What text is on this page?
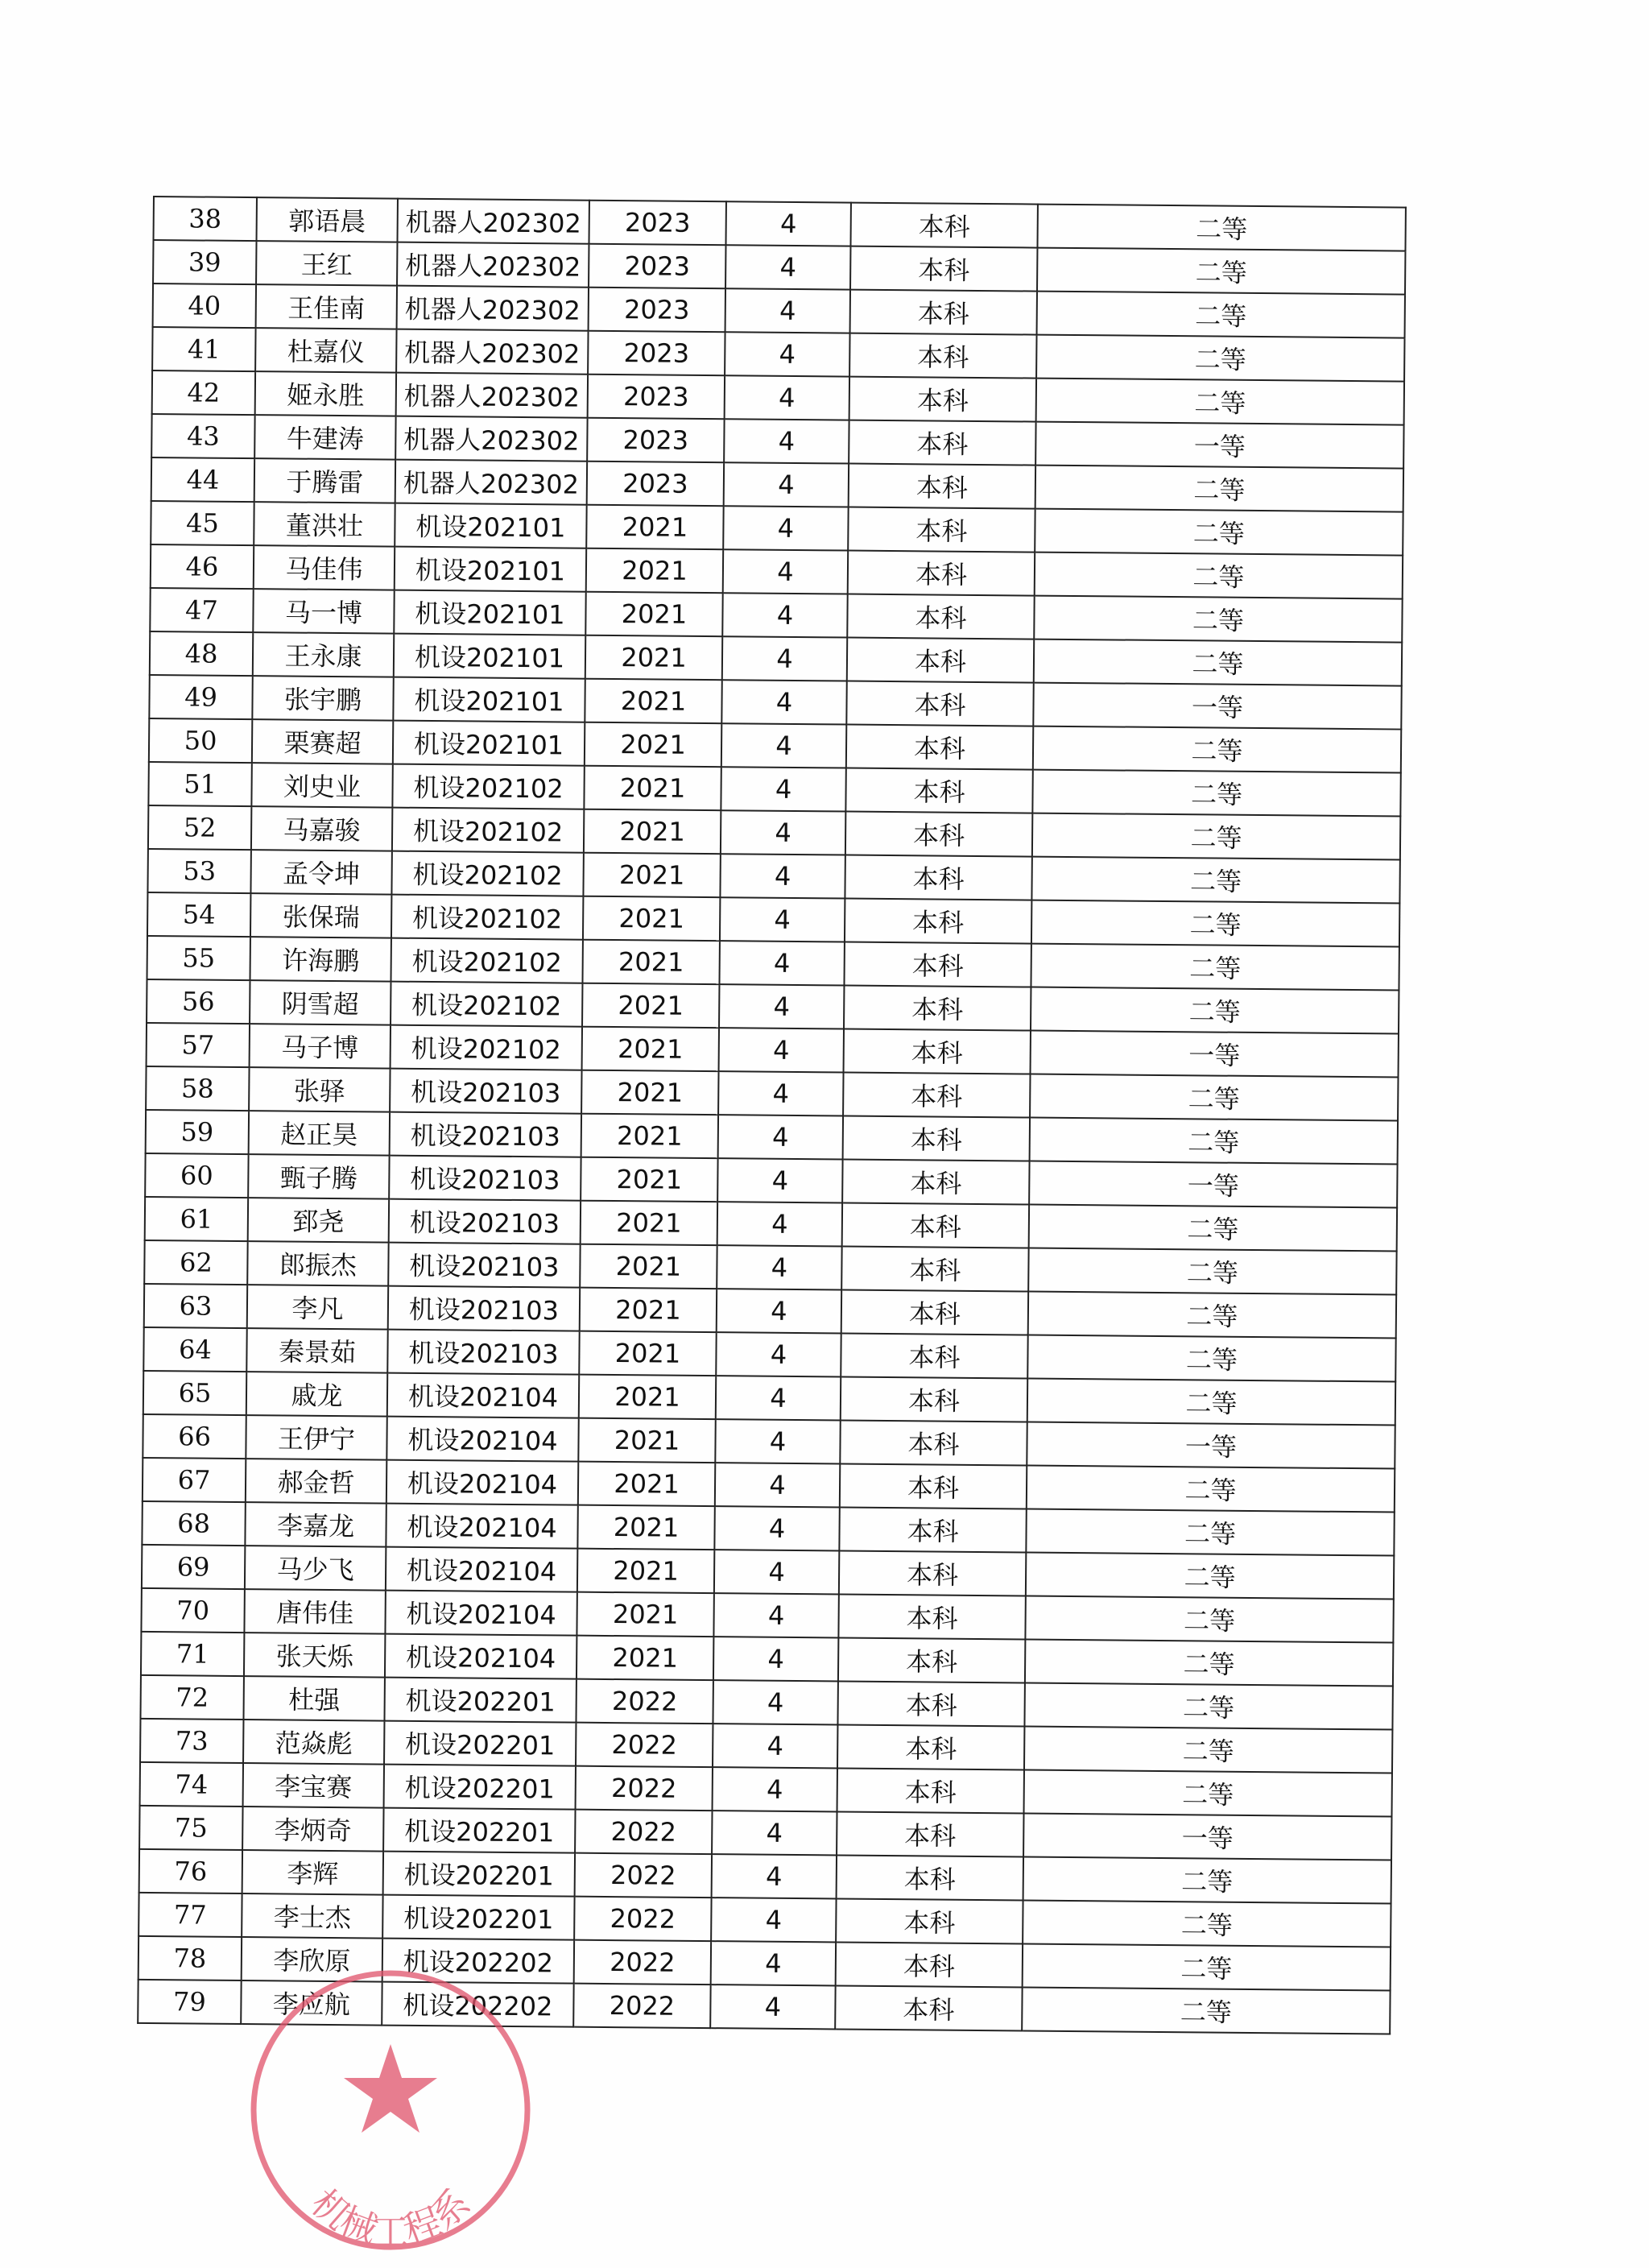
38	郭语晨	机器人202302	2023	4	本科	二等
39	王红	机器人202302	2023	4	本科	二等
40	王佳南	机器人202302	2023	4	本科	二等
41	杜嘉仪	机器人202302	2023	4	本科	二等
42	姬永胜	机器人202302	2023	4	本科	二等
43	牛建涛	机器人202302	2023	4	本科	一等
44	于腾雷	机器人202302	2023	4	本科	二等
45	董洪壮	机设202101	2021	4	本科	二等
46	马佳伟	机设202101	2021	4	本科	二等
47	马一博	机设202101	2021	4	本科	二等
48	王永康	机设202101	2021	4	本科	二等
49	张宇鹏	机设202101	2021	4	本科	一等
50	栗赛超	机设202101	2021	4	本科	二等
51	刘史业	机设202102	2021	4	本科	二等
52	马嘉骏	机设202102	2021	4	本科	二等
53	孟令坤	机设202102	2021	4	本科	二等
54	张保瑞	机设202102	2021	4	本科	二等
55	许海鹏	机设202102	2021	4	本科	二等
56	阴雪超	机设202102	2021	4	本科	二等
57	马子博	机设202102	2021	4	本科	一等
58	张驿	机设202103	2021	4	本科	二等
59	赵正昊	机设202103	2021	4	本科	二等
60	甄子腾	机设202103	2021	4	本科	一等
61	郅尧	机设202103	2021	4	本科	二等
62	郎振杰	机设202103	2021	4	本科	二等
63	李凡	机设202103	2021	4	本科	二等
64	秦景茹	机设202103	2021	4	本科	二等
65	戚龙	机设202104	2021	4	本科	二等
66	王伊宁	机设202104	2021	4	本科	一等
67	郝金哲	机设202104	2021	4	本科	二等
68	李嘉龙	机设202104	2021	4	本科	二等
69	马少飞	机设202104	2021	4	本科	二等
70	唐伟佳	机设202104	2021	4	本科	二等
71	张天烁	机设202104	2021	4	本科	二等
72	杜强	机设202201	2022	4	本科	二等
73	范焱彪	机设202201	2022	4	本科	二等
74	李宝赛	机设202201	2022	4	本科	二等
75	李炳奇	机设202201	2022	4	本科	一等
76	李辉	机设202201	2022	4	本科	二等
77	李士杰	机设202201	2022	4	本科	二等
78	李欣原	机设202202	2022	4	本科	二等
79	李应航	机设202202	2022	4	本科	二等
机械工程系
